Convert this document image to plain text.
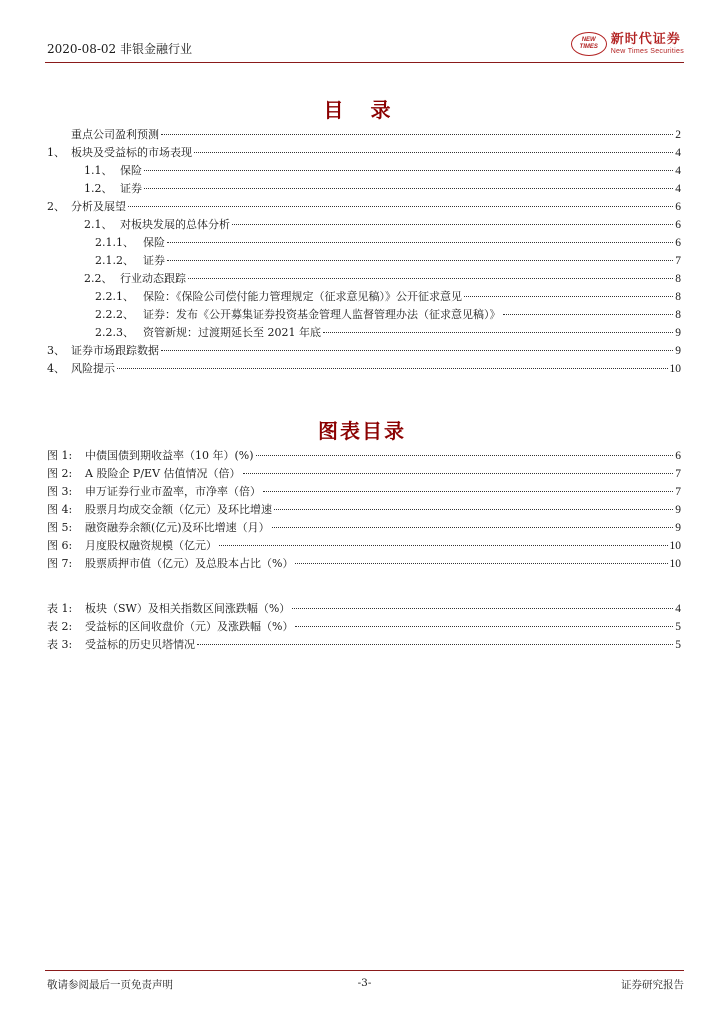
2020-08-02 非银金融行业
NEW
TIMES 新时代证券
New Times Securities
目 录
重点公司盈利预测	2
1、 板块及受益标的市场表现	4
1.1、 保险	4
1.2、 证券	4
2、 分析及展望	6
2.1、 对板块发展的总体分析	6
2.1.1、 保险	6
2.1.2、 证券	7
2.2、 行业动态跟踪	8
2.2.1、 保险：《保险公司偿付能力管理规定（征求意见稿）》公开征求意见	8
2.2.2、 证券：发布《公开募集证券投资基金管理人监督管理办法（征求意见稿）》	8
2.2.3、 资管新规：过渡期延长至 2021 年底	9
3、 证券市场跟踪数据	9
4、 风险提示	10
图表目录
图 1:	中债国债到期收益率（10 年）(%)	6
图 2:	A 股险企 P/EV 估值情况（倍）	7
图 3:	申万证券行业市盈率，市净率（倍）	7
图 4:	股票月均成交金额（亿元）及环比增速	9
图 5:	融资融券余额(亿元)及环比增速（月）	9
图 6:	月度股权融资规模（亿元）	10
图 7:	股票质押市值（亿元）及总股本占比（%）	10
表 1:	板块（SW）及相关指数区间涨跌幅（%）	4
表 2:	受益标的区间收盘价（元）及涨跌幅（%）	5
表 3:	受益标的历史贝塔情况	5
敬请参阅最后一页免责声明	-3-	证券研究报告
